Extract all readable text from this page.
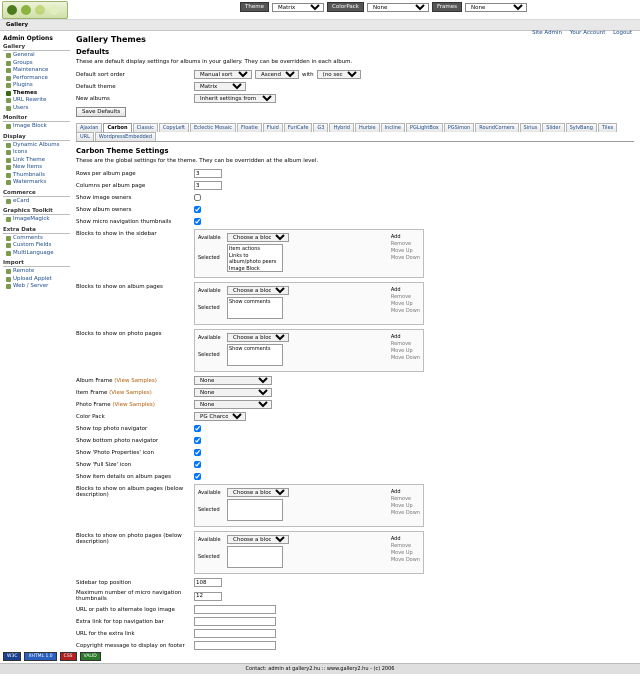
Theme
Matrix	ColorPack
None	Frames
None
Gallery
Admin Options
Gallery
General
Groups
Maintenance
Performance
Plugins
Themes
URL Rewrite
Users
Monitor
Image Block
Display
Dynamic Albums
Icons
Link Theme
New Items
Thumbnails
Watermarks
Commerce
eCard
Graphics Toolkit
ImageMagick
Extra Data
Comments
Custom Fields
MultiLanguage
Import
Remote
Upload Applet
Web / Server
Gallery Themes
Site Admin Your Account Logout
Defaults

These are default display settings for albums in your gallery. They can be overridden in each album.

Default sort order
Manual sort order
Ascending	with
(no second s...)
Default theme
Matrix
New albums
Inherit settings from parent album
Save Defaults
Ajaxian	Carbon	Classic	CopyLeft	Eclectic Mosaic	Floatie	Fluid	FuriCafe	G3	Hybrid	Hurbie	Incline	PGLightBox	PGSimon	RoundCorners	Sirius	Slider	SylvBang	Tiles
URL	WordpressEmbedded
Carbon Theme Settings

These are the global settings for the theme. They can be overridden at the album level.

Rows per album page
3
Columns per album page
3
Show image owners
Show album owners
Show micro navigation thumbnails
Blocks to show in the sidebar
Available
Choose a block
Selected
Item actions
Links to album/photo peers
Image Block
Add
Remove
Move Up
Move Down
Blocks to show on album pages
Available
Choose a block
Selected
Show comments
Add
Remove
Move Up
Move Down
Blocks to show on photo pages
Available
Choose a block
Selected
Show comments
Add
Remove
Move Up
Move Down
Album Frame (View Samples)
None
Item Frame (View Samples)
None
Photo Frame (View Samples)
None
Color Pack
PG Charcoal
Show top photo navigator
Show bottom photo navigator
Show 'Photo Properties' icon
Show 'Full Size' icon
Show item details on album pages
Blocks to show on album pages (below description)	Available
Choose a block
Selected
Add
Remove
Move Up
Move Down
Blocks to show on photo pages (below description)	Available
Choose a block
Selected
Add
Remove
Move Up
Move Down
Sidebar top position
108
Maximum number of micro navigation thumbnails
12
URL or path to alternate logo image
Extra link for top navigation bar
URL for the extra link
Copyright message to display on footer

W3C	XHTML 1.0	CSS	VALID
Contact: admin at gallery2.hu :: www.gallery2.hu - (c) 2006
